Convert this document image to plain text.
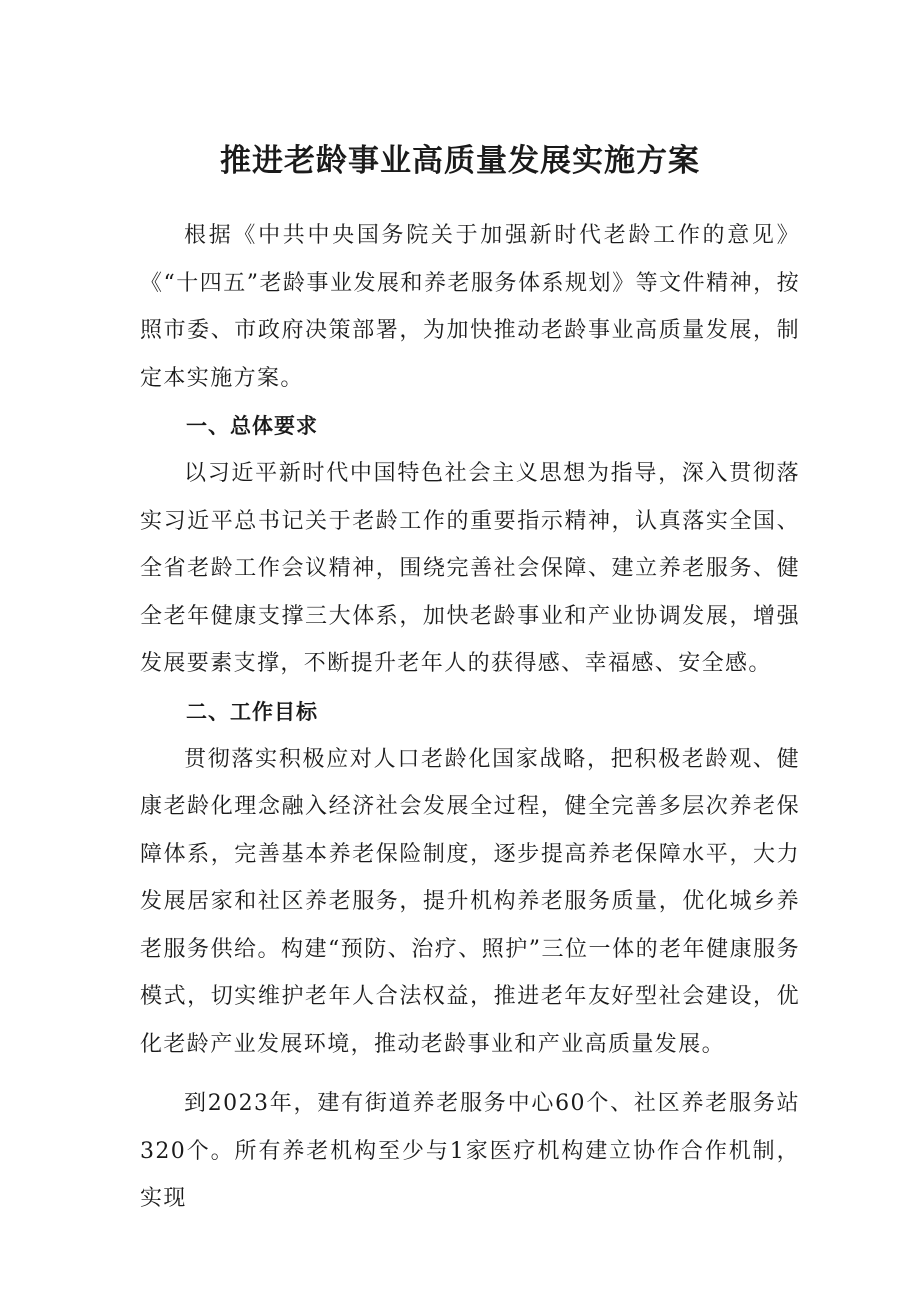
推进老龄事业高质量发展实施方案

根据《中共中央国务院关于加强新时代老龄工作的意见》《“十四五”老龄事业发展和养老服务体系规划》等文件精神，按照市委、市政府决策部署，为加快推动老龄事业高质量发展，制定本实施方案。

一、总体要求

以习近平新时代中国特色社会主义思想为指导，深入贯彻落实习近平总书记关于老龄工作的重要指示精神，认真落实全国、全省老龄工作会议精神，围绕完善社会保障、建立养老服务、健全老年健康支撑三大体系，加快老龄事业和产业协调发展，增强发展要素支撑，不断提升老年人的获得感、幸福感、安全感。

二、工作目标

贯彻落实积极应对人口老龄化国家战略，把积极老龄观、健康老龄化理念融入经济社会发展全过程，健全完善多层次养老保障体系，完善基本养老保险制度，逐步提高养老保障水平，大力发展居家和社区养老服务，提升机构养老服务质量，优化城乡养老服务供给。构建“预防、治疗、照护”三位一体的老年健康服务模式，切实维护老年人合法权益，推进老年友好型社会建设，优化老龄产业发展环境，推动老龄事业和产业高质量发展。

到2023年，建有街道养老服务中心60个、社区养老服务站320个。所有养老机构至少与1家医疗机构建立协作合作机制，实现
